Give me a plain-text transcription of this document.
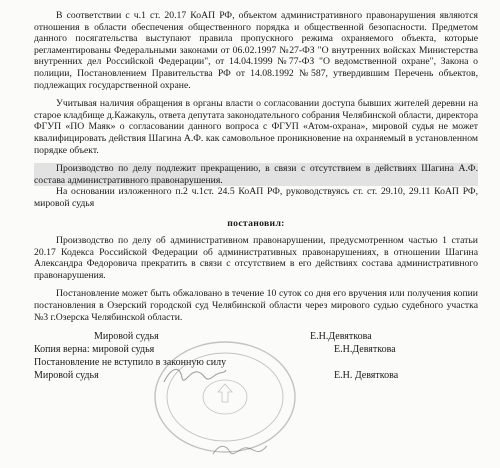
В соответствии с ч.1 ст. 20.17 КоАП РФ, объектом административного правонарушения являются отношения в области обеспечения общественного порядка и общественной безопасности. Предметом данного посягательства выступают правила пропускного режима охраняемого объекта, которые регламентированы Федеральными законами от 06.02.1997 №27-ФЗ "О внутренних войсках Министерства внутренних дел Российской Федерации", от 14.04.1999 №77-ФЗ "О ведомственной охране", Закона о полиции, Постановлением Правительства РФ от 14.08.1992 №587, утвердившим Перечень объектов, подлежащих государственной охране.

Учитывая наличия обращения в органы власти о согласовании доступа бывших жителей деревни на старое кладбище д.Кажакуль, ответа депутата законодательного собрания Челябинской области, директора ФГУП «ПО Маяк» о согласовании данного вопроса с ФГУП «Атом-охрана», мировой судья не может квалифицировать действия Шагина А.Ф. как самовольное проникновение на охраняемый в установленном порядке объект.

Производство по делу подлежит прекращению, в связи с отсутствием в действиях Шагина А.Ф. состава административного правонарушения.

На основании изложенного п.2 ч.1ст. 24.5 КоАП РФ, руководствуясь ст. ст. 29.10, 29.11 КоАП РФ, мировой судья

постановил:

Производство по делу об административном правонарушении, предусмотренном частью 1 статьи 20.17 Кодекса Российской Федерации об административных правонарушениях, в отношении Шагина Александра Федоровича прекратить в связи с отсутствием в его действиях состава административного правонарушения.

Постановление может быть обжаловано в течение 10 суток со дня его вручения или получения копии постановления в Озерский городской суд Челябинской области через мирового судью судебного участка №3 г.Озерска Челябинской области.

Мировой судья	Е.Н.Девяткова
Копия верна: мировой судья	Е.Н.Девяткова
Постановление не вступило в законную силу
Мировой судья	Е.Н. Девяткова
